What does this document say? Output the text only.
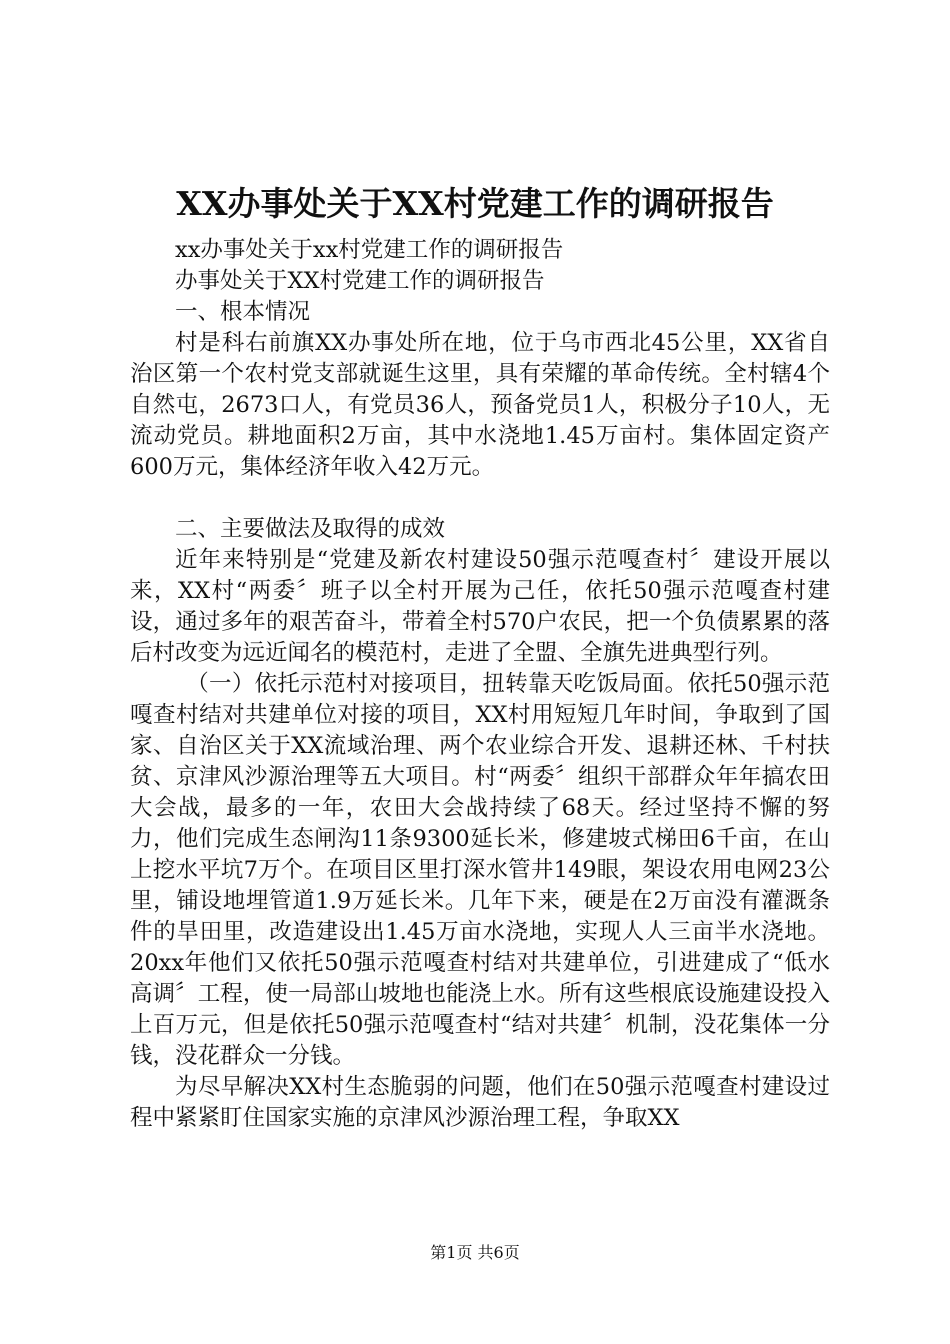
XX办事处关于XX村党建工作的调研报告

xx办事处关于xx村党建工作的调研报告

办事处关于XX村党建工作的调研报告

一、根本情况

村是科右前旗XX办事处所在地，位于乌市西北45公里，XX省自治区第一个农村党支部就诞生这里，具有荣耀的革命传统。全村辖4个自然屯，2673口人，有党员36人，预备党员1人，积极分子10人，无流动党员。耕地面积2万亩，其中水浇地1.45万亩村。集体固定资产600万元，集体经济年收入42万元。

二、主要做法及取得的成效

近年来特别是“党建及新农村建设50强示范嘎查村〞建设开展以来，XX村“两委〞班子以全村开展为己任，依托50强示范嘎查村建设，通过多年的艰苦奋斗，带着全村570户农民，把一个负债累累的落后村改变为远近闻名的模范村，走进了全盟、全旗先进典型行列。

（一）依托示范村对接项目，扭转靠天吃饭局面。依托50强示范嘎查村结对共建单位对接的项目，XX村用短短几年时间，争取到了国家、自治区关于XX流域治理、两个农业综合开发、退耕还林、千村扶贫、京津风沙源治理等五大项目。村“两委〞组织干部群众年年搞农田大会战，最多的一年，农田大会战持续了68天。经过坚持不懈的努力，他们完成生态闸沟11条9300延长米，修建坡式梯田6千亩，在山上挖水平坑7万个。在项目区里打深水管井149眼，架设农用电网23公里，铺设地埋管道1.9万延长米。几年下来，硬是在2万亩没有灌溉条件的旱田里，改造建设出1.45万亩水浇地，实现人人三亩半水浇地。20xx年他们又依托50强示范嘎查村结对共建单位，引进建成了“低水高调〞工程，使一局部山坡地也能浇上水。所有这些根底设施建设投入上百万元，但是依托50强示范嘎查村“结对共建〞机制，没花集体一分钱，没花群众一分钱。

为尽早解决XX村生态脆弱的问题，他们在50强示范嘎查村建设过程中紧紧盯住国家实施的京津风沙源治理工程，争取XX

第1页 共6页
